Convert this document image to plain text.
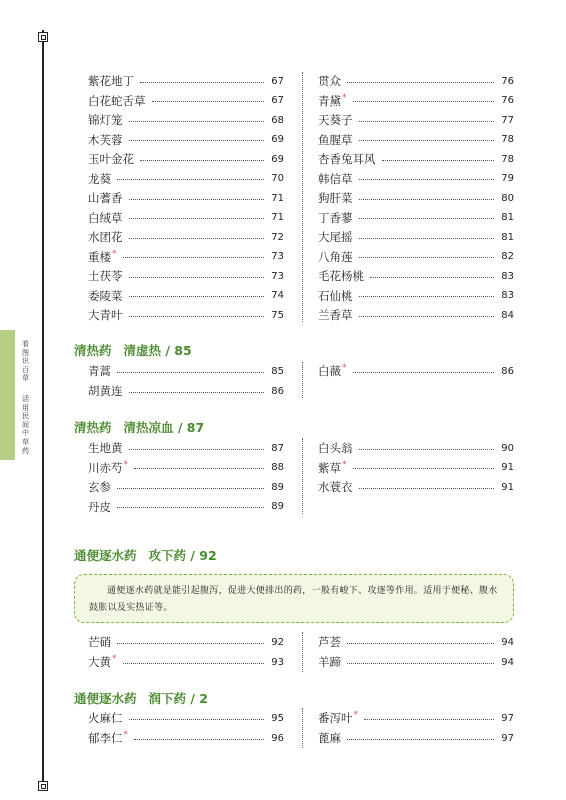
看
图
识
百
草
活
用
民
间
中
草
药
清热药 清虚热 / 85
清热药 清热凉血 / 87
通便逐水药 攻下药 / 92
通便逐水药 润下药 / 2
通便逐水药就是能引起腹泻，促进大便排出的药，一般有峻下、攻逐等作用。适用于便秘、腹水鼓胀以及实热证等。
紫花地丁	67
白花蛇舌草	67
锦灯笼	68
木芙蓉	69
玉叶金花	69
龙葵	70
山蓍香	71
白绒草	71
水团花	72
重楼 *	73
土茯苓	73
委陵菜	74
大青叶	75
贯众	76
青黛 *	76
天葵子	77
鱼腥草	78
杏香兔耳风	78
韩信草	79
狗肝菜	80
丁香蓼	81
大尾摇	81
八角莲	82
毛花杨桃	83
石仙桃	83
兰香草	84
青蒿	85
胡黄连	86
白薇 *	86
生地黄	87
川赤芍 *	88
玄参	89
丹皮	89
白头翁	90
紫草 *	91
水蓑衣	91
芒硝	92
大黄 *	93
芦荟	94
羊蹄	94
火麻仁	95
郁李仁 *	96
番泻叶 *	97
蓖麻	97
